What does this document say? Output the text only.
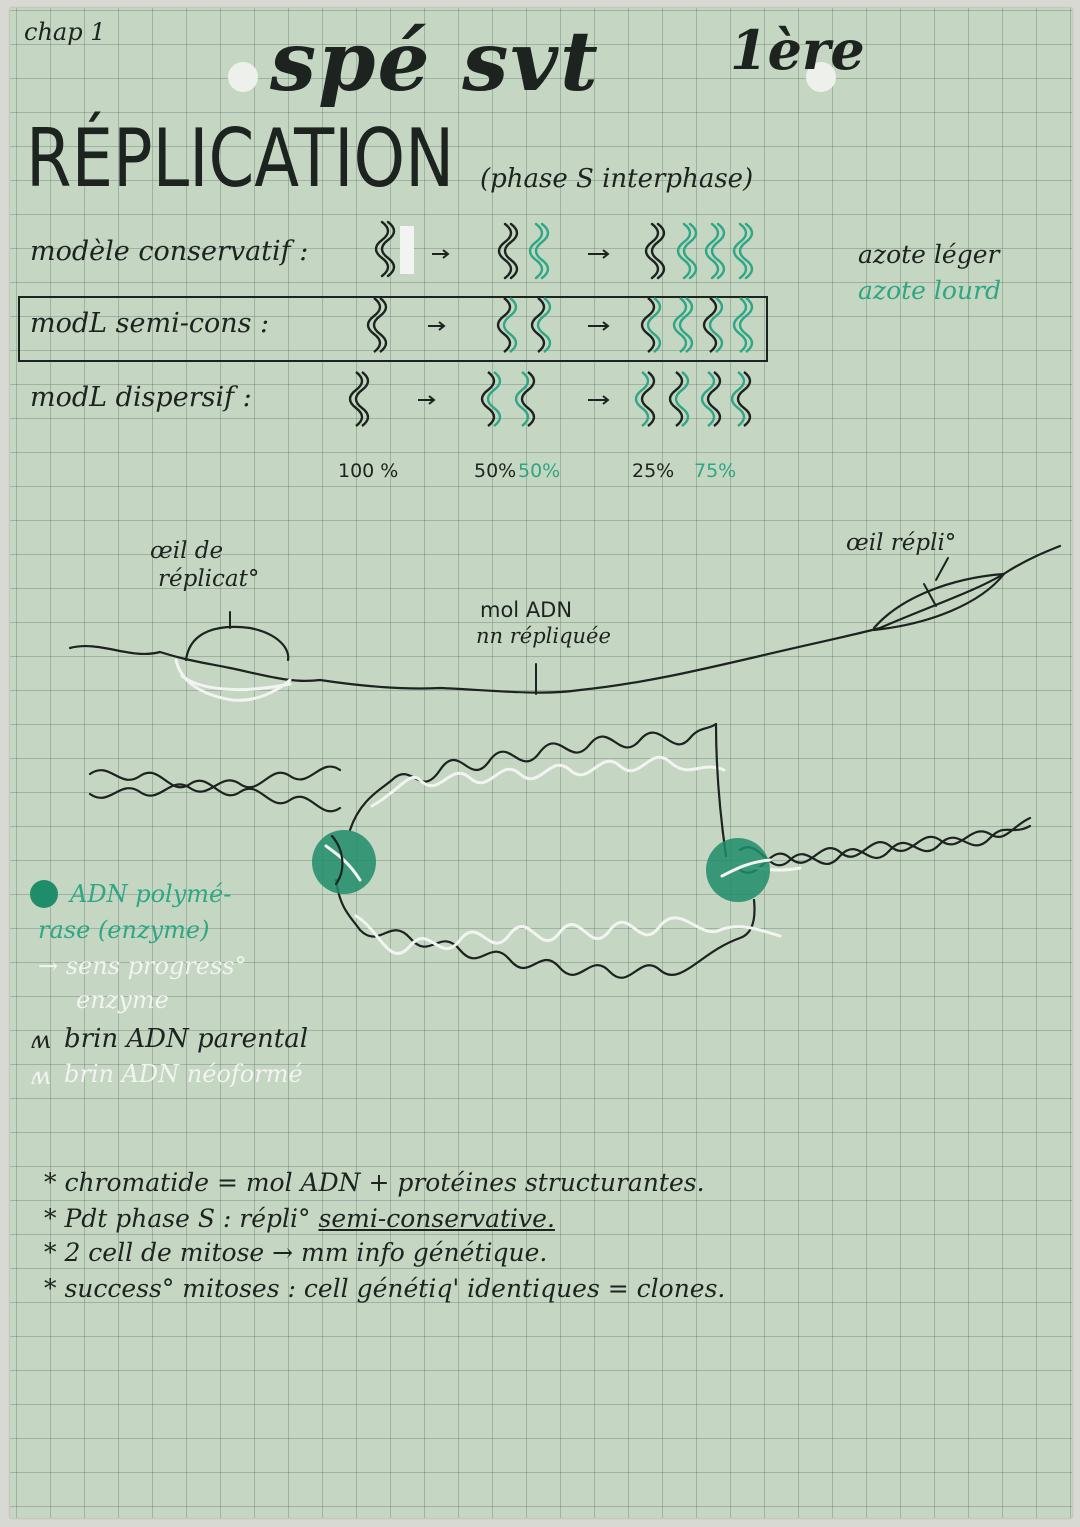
chap 1 spé svt 1ère
RÉPLICATION (phase S interphase)
modèle conservatif :
modL semi-cons :
modL dispersif :
100 %	50% 50%	25% 75%
azote léger
azote lourd
œil de
réplicat°
mol ADN
nn répliquée
œil répli°
ADN polymé-
rase (enzyme)
→ sens progress°
enzyme
ʍ brin ADN parental
ʍ brin ADN néoformé
* chromatide = mol ADN + protéines structurantes.
* Pdt phase S : répli° semi-conservative.
* 2 cell de mitose → mm info génétique.
* success° mitoses : cell génétiq' identiques = clones.
